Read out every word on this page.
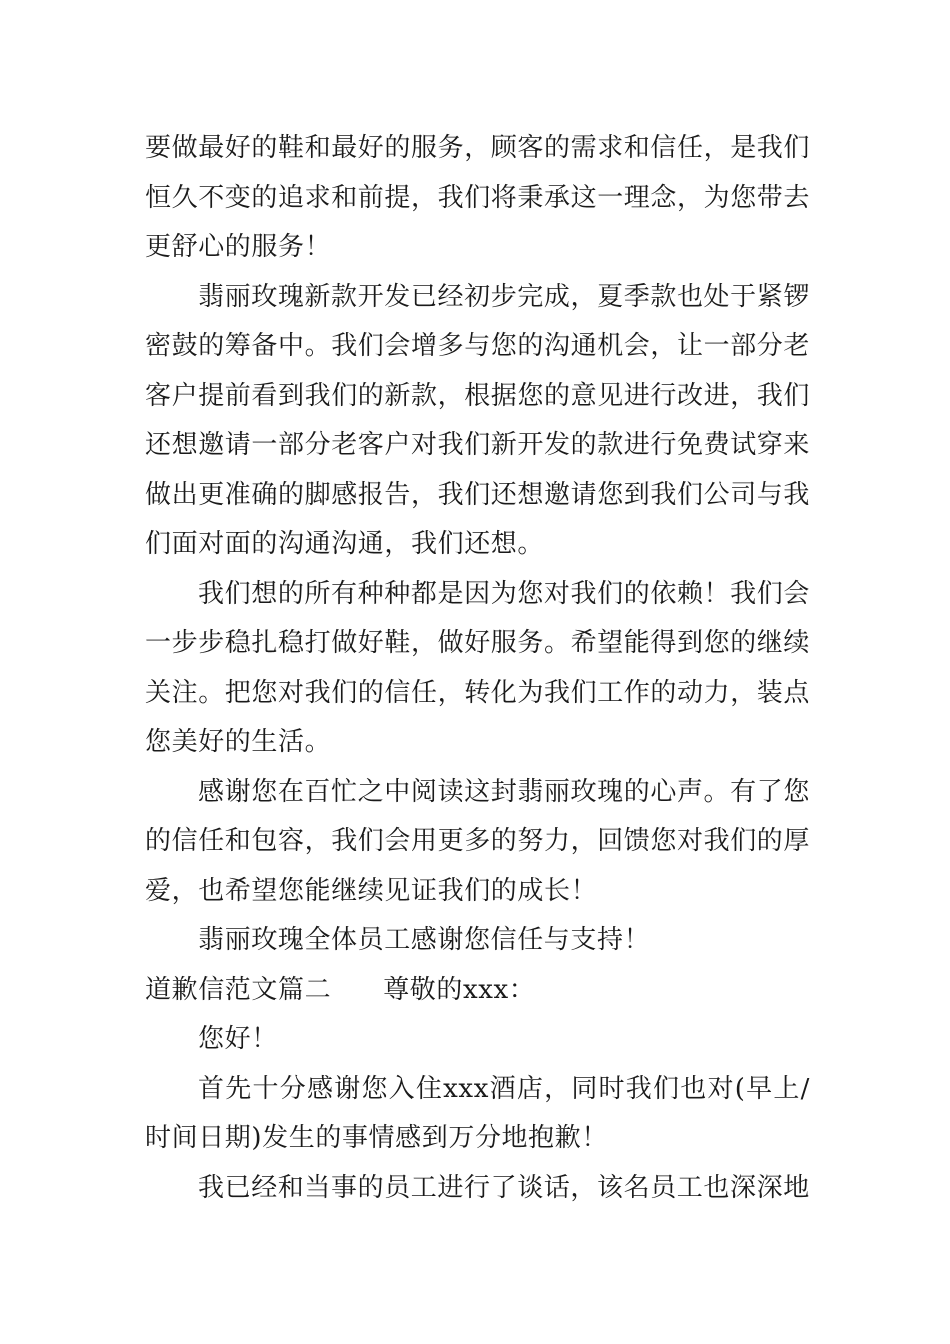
要做最好的鞋和最好的服务，顾客的需求和信任，是我们恒久不变的追求和前提，我们将秉承这一理念，为您带去更舒心的服务！

翡丽玫瑰新款开发已经初步完成，夏季款也处于紧锣密鼓的筹备中。我们会增多与您的沟通机会，让一部分老客户提前看到我们的新款，根据您的意见进行改进，我们还想邀请一部分老客户对我们新开发的款进行免费试穿来做出更准确的脚感报告，我们还想邀请您到我们公司与我们面对面的沟通沟通，我们还想。

我们想的所有种种都是因为您对我们的依赖！我们会一步步稳扎稳打做好鞋，做好服务。希望能得到您的继续关注。把您对我们的信任，转化为我们工作的动力，装点您美好的生活。

感谢您在百忙之中阅读这封翡丽玫瑰的心声。有了您的信任和包容，我们会用更多的努力，回馈您对我们的厚爱，也希望您能继续见证我们的成长！

翡丽玫瑰全体员工感谢您信任与支持！

道歉信范文篇二 尊敬的xxx：

您好！

首先十分感谢您入住xxx酒店，同时我们也对(早上/时间日期)发生的事情感到万分地抱歉！

我已经和当事的员工进行了谈话，该名员工也深深地
